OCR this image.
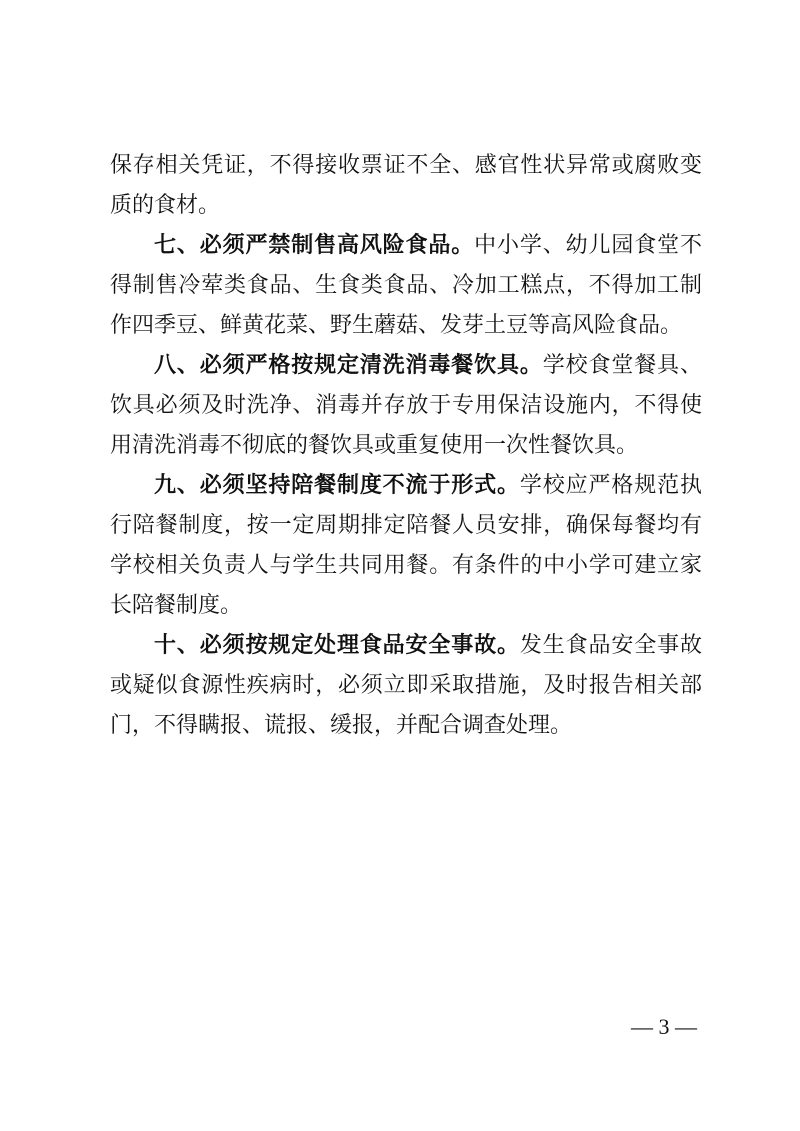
保存相关凭证，不得接收票证不全、感官性状异常或腐败变质的食材。

七、必须严禁制售高风险食品。中小学、幼儿园食堂不得制售冷荤类食品、生食类食品、冷加工糕点，不得加工制作四季豆、鲜黄花菜、野生蘑菇、发芽土豆等高风险食品。

八、必须严格按规定清洗消毒餐饮具。学校食堂餐具、饮具必须及时洗净、消毒并存放于专用保洁设施内，不得使用清洗消毒不彻底的餐饮具或重复使用一次性餐饮具。

九、必须坚持陪餐制度不流于形式。学校应严格规范执行陪餐制度，按一定周期排定陪餐人员安排，确保每餐均有学校相关负责人与学生共同用餐。有条件的中小学可建立家长陪餐制度。

十、必须按规定处理食品安全事故。发生食品安全事故或疑似食源性疾病时，必须立即采取措施，及时报告相关部门，不得瞒报、谎报、缓报，并配合调查处理。

— 3 —
